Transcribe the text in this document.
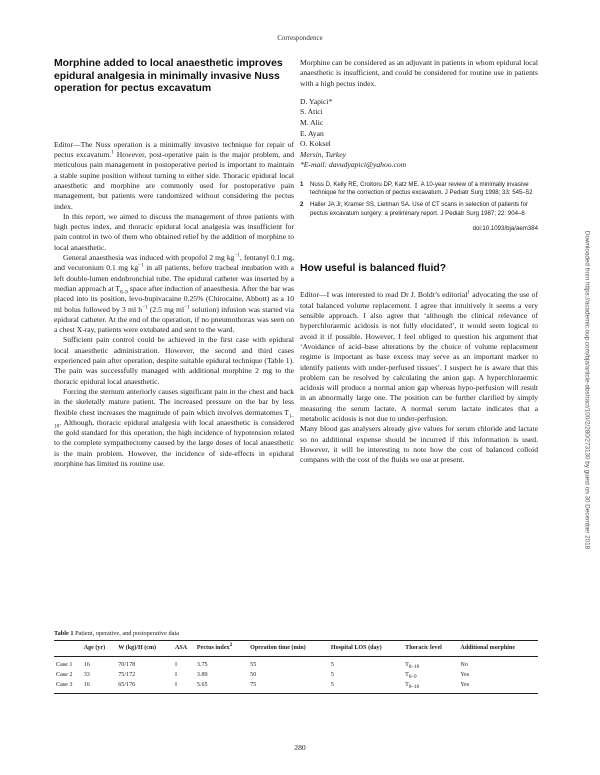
Correspondence
Morphine added to local anaesthetic improves epidural analgesia in minimally invasive Nuss operation for pectus excavatum

Editor—The Nuss operation is a minimally invasive technique for repair of pectus excavatum.$^1$ However, post-operative pain is the major problem, and meticulous pain management in postoperative period is important to maintain a stable supine position without turning to either side. Thoracic epidural local anaesthetic and morphine are commonly used for postoperative pain management, but patients were randomized without considering the pectus index.

In this report, we aimed to discuss the management of three patients with high pectus index, and thoracic epidural local analgesia was insufficient for pain control in two of them who obtained relief by the addition of morphine to local anaesthetic.

General anaesthesia was induced with propofol 2 mg $kg^{-1}$, fentanyl 0.1 mg, and vecuronium 0.1 mg $kg^{-1}$ in all patients, before tracheal intubation with a left double-lumen endobronchial tube. The epidural catheter was inserted by a median approach at $T_{8-9}$ space after induction of anaesthesia. After the bar was placed into its position, levo-bupivacaine 0.25% (Chirocaine, Abbott) as a 10 ml bolus followed by 3 ml $h^{-1}$ (2.5 mg $ml^{-1}$ solution) infusion was started via epidural catheter. At the end of the operation, if no pneumothorax was seen on a chest X-ray, patients were extubated and sent to the ward.

Sufficient pain control could be achieved in the first case with epidural local anaesthetic administration. However, the second and third cases experienced pain after operation, despite suitable epidural technique (Table 1). The pain was successfully managed with additional morphine 2 mg to the thoracic epidural local anaesthetic.

Forcing the sternum anteriorly causes significant pain in the chest and back in the skeletally mature patient. The increased pressure on the bar by less flexible chest increases the magnitude of pain which involves dermatomes $T_{1-10}$. Although, thoracic epidural analgesia with local anaesthetic is considered the gold standard for this operation, the high incidence of hypotension related to the complete sympathectomy caused by the large doses of local anaesthetic is the main problem. However, the incidence of side-effects in epidural morphine has limited its routine use.

Morphine can be considered as an adjuvant in patients in whom epidural local anaesthetic is insufficient, and could be considered for routine use in patients with a high pectus index.

D. Yapici*
S. Atici
M. Alic
E. Ayan
O. Koksel
Mersin, Turkey
*E-mail: davudyapici@yahoo.com
1	Nuss D, Kelly RE, Croitoru DP, Katz ME. A 10-year review of a minimally invasive technique for the correction of pectus excavatum. J Pediatr Surg 1998; 33: 545–52
2	Haller JA Jr, Kramer SS, Lietman SA. Use of CT scans in selection of patients for pectus excavatum surgery: a preliminary report. J Pediatr Surg 1987; 22: 904–6
doi:10.1093/bja/aem384
How useful is balanced fluid?

Editor—I was interested to read Dr J. Boldt’s editorial$^1$ advocating the use of total balanced volume replacement. I agree that intuitively it seems a very sensible approach. I also agree that ‘although the clinical relevance of hyperchloraemic acidosis is not fully elucidated’, it would seem logical to avoid it if possible. However, I feel obliged to question his argument that ‘Avoidance of acid–base alterations by the choice of volume replacement regime is important as base excess may serve as an important marker to identify patients with under-perfused tissues’. I suspect he is aware that this problem can be resolved by calculating the anion gap. A hyperchloraemic acidosis will produce a normal anion gap whereas hypo-perfusion will result in an abnormally large one. The position can be further clarified by simply measuring the serum lactate. A normal serum lactate indicates that a metabolic acidosis is not due to under-perfusion.

Many blood gas analysers already give values for serum chloride and lactate so no additional expense should be incurred if this information is used. However, it will be interesting to note how the cost of balanced colloid compares with the cost of the fluids we use at present.	Downloaded from https://academic.oup.com/bja/article-abstract/100/2/280/273130 by guest on 30 December 2018
Table 1 Patient, operative, and postoperative data
	Age (yr)	W (kg)/H (cm)	ASA	Pectus index$^2$	Operation time (min)	Hospital LOS (day)	Thoracic level	Additional morphine
Case 1	16	70/178	I	3.75	55	5	$T_{8-10}$	No
Case 2	33	75/172	I	3.89	50	5	$T_{8-9}$	Yes
Case 3	16	65/176	I	5.65	75	5	$T_{8-10}$	Yes
280
